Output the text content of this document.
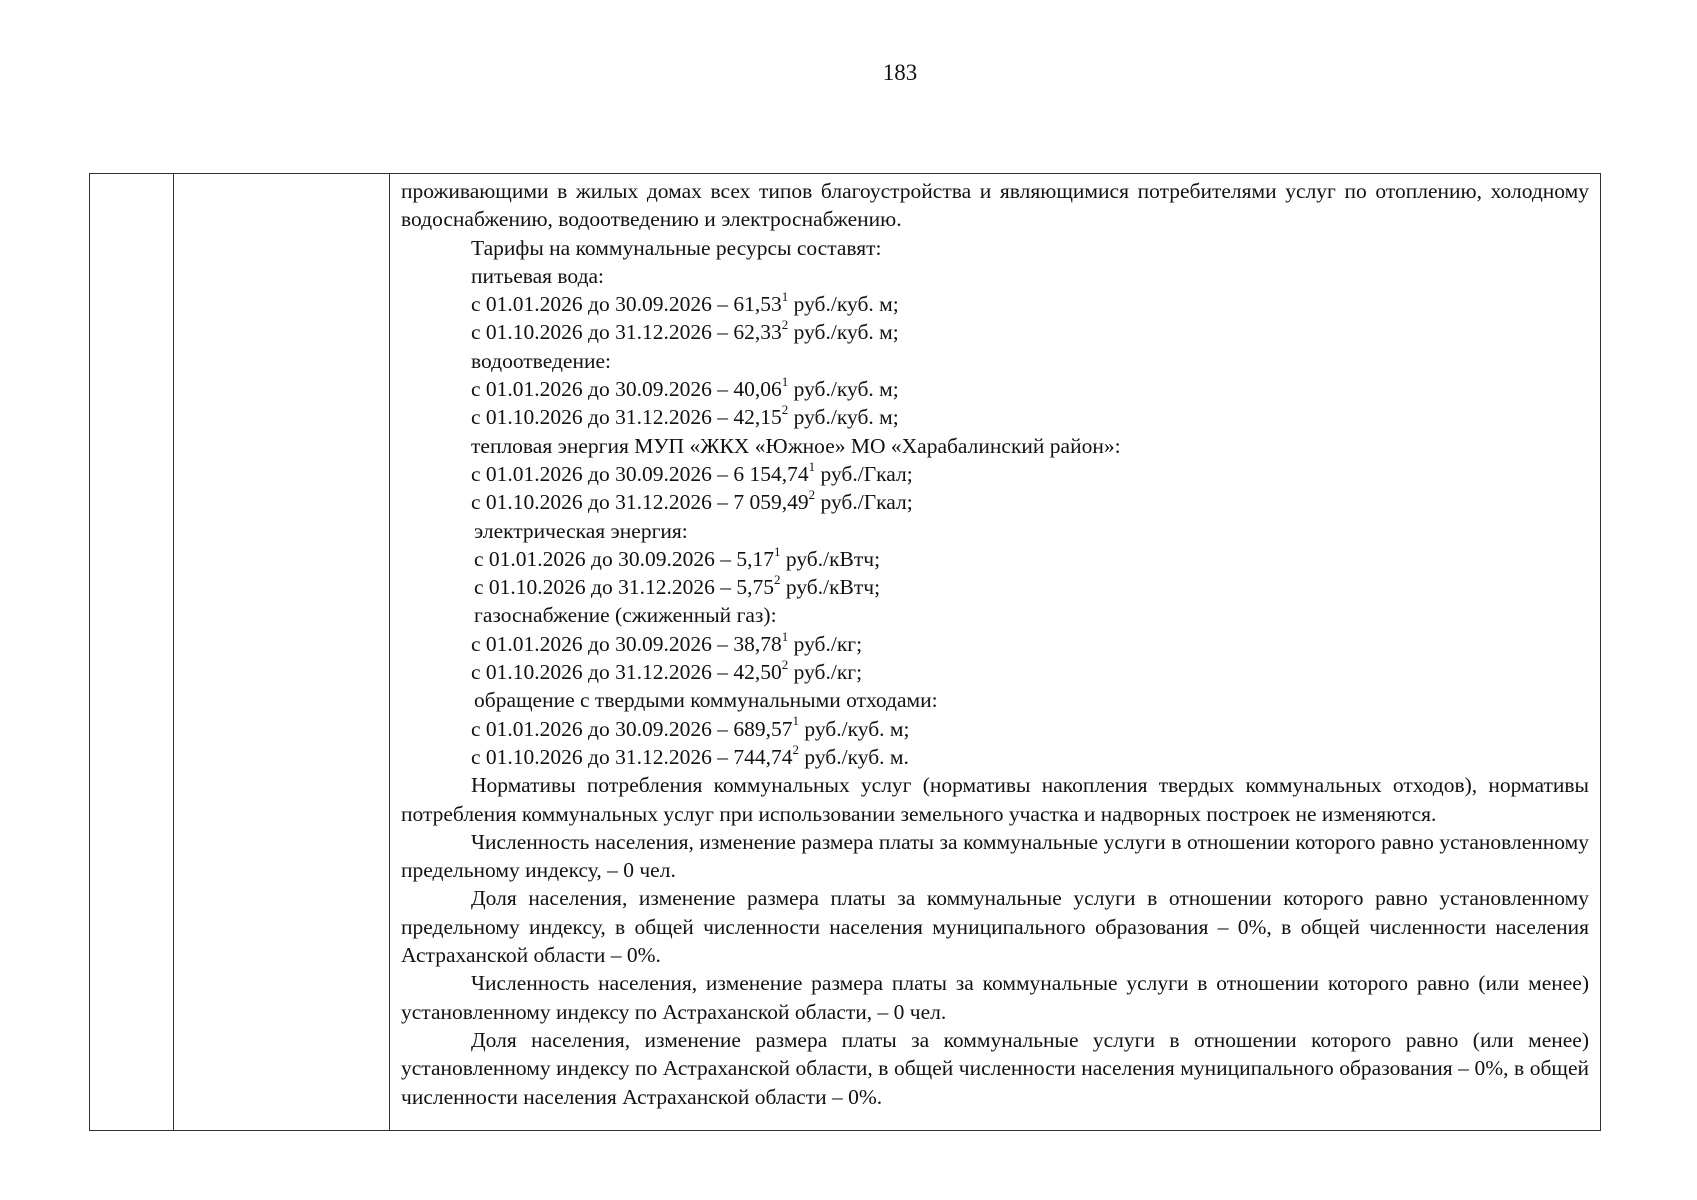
183

проживающими в жилых домах всех типов благоустройства и являющимися потребителями услуг по отоплению, холодному водоснабжению, водоотведению и электроснабжению.

Тарифы на коммунальные ресурсы составят:

питьевая вода:

с 01.01.2026 до 30.09.2026 – 61,53$^1$ руб./куб. м;

с 01.10.2026 до 31.12.2026 – 62,33$^2$ руб./куб. м;

водоотведение:

с 01.01.2026 до 30.09.2026 – 40,06$^1$ руб./куб. м;

с 01.10.2026 до 31.12.2026 – 42,15$^2$ руб./куб. м;

тепловая энергия МУП «ЖКХ «Южное» МО «Харабалинский район»:

с 01.01.2026 до 30.09.2026 – 6 154,74$^1$ руб./Гкал;

с 01.10.2026 до 31.12.2026 – 7 059,49$^2$ руб./Гкал;

электрическая энергия:

с 01.01.2026 до 30.09.2026 – 5,17$^1$ руб./кВтч;

с 01.10.2026 до 31.12.2026 – 5,75$^2$ руб./кВтч;

газоснабжение (сжиженный газ):

с 01.01.2026 до 30.09.2026 – 38,78$^1$ руб./кг;

с 01.10.2026 до 31.12.2026 – 42,50$^2$ руб./кг;

обращение с твердыми коммунальными отходами:

с 01.01.2026 до 30.09.2026 – 689,57$^1$ руб./куб. м;

с 01.10.2026 до 31.12.2026 – 744,74$^2$ руб./куб. м.

Нормативы потребления коммунальных услуг (нормативы накопления твердых коммунальных отходов), нормативы потребления коммунальных услуг при использовании земельного участка и надворных построек не изменяются.

Численность населения, изменение размера платы за коммунальные услуги в отношении которого равно установленному предельному индексу, – 0 чел.

Доля населения, изменение размера платы за коммунальные услуги в отношении которого равно установленному предельному индексу, в общей численности населения муниципального образования – 0%, в общей численности населения Астраханской области – 0%.

Численность населения, изменение размера платы за коммунальные услуги в отношении которого равно (или менее) установленному индексу по Астраханской области, – 0 чел.

Доля населения, изменение размера платы за коммунальные услуги в отношении которого равно (или менее) установленному индексу по Астраханской области, в общей численности населения муниципального образования – 0%, в общей численности населения Астраханской области – 0%.
